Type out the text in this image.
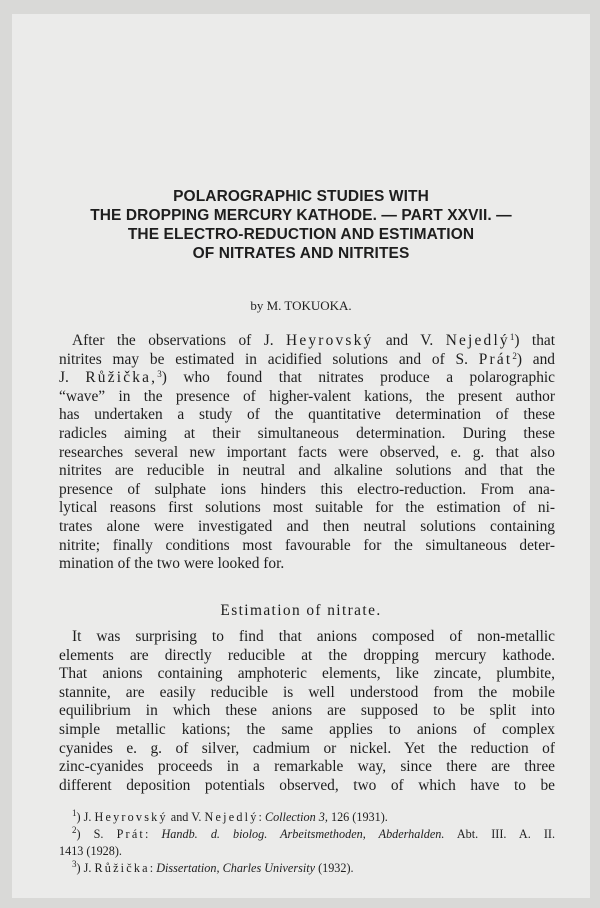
POLAROGRAPHIC STUDIES WITH
THE DROPPING MERCURY KATHODE. — PART XXVII. —
THE ELECTRO-REDUCTION AND ESTIMATION
OF NITRATES AND NITRITES
by M. TOKUOKA.
After the observations of J. Heyrovský and V. Nejedlý$^1$) that
nitrites may be estimated in acidified solutions and of S. Prát$^2$) and
J. Růžička,$^3$) who found that nitrates produce a polarographic
“wave” in the presence of higher-valent kations, the present author
has undertaken a study of the quantitative determination of these
radicles aiming at their simultaneous determination. During these
researches several new important facts were observed, e. g. that also
nitrites are reducible in neutral and alkaline solutions and that the
presence of sulphate ions hinders this electro-reduction. From ana-
lytical reasons first solutions most suitable for the estimation of ni-
trates alone were investigated and then neutral solutions containing
nitrite; finally conditions most favourable for the simultaneous deter-
mination of the two were looked for.
Estimation of nitrate.
It was surprising to find that anions composed of non-metallic
elements are directly reducible at the dropping mercury kathode.
That anions containing amphoteric elements, like zincate, plumbite,
stannite, are easily reducible is well understood from the mobile
equilibrium in which these anions are supposed to be split into
simple metallic kations; the same applies to anions of complex
cyanides e. g. of silver, cadmium or nickel. Yet the reduction of
zinc-cyanides proceeds in a remarkable way, since there are three
different deposition potentials observed, two of which have to be
$^1$) J. Heyrovský and V. Nejedlý: Collection 3, 126 (1931).
$^2$) S. Prát: Handb. d. biolog. Arbeitsmethoden, Abderhalden. Abt. III. A. II.
1413 (1928).
$^3$) J. Růžička: Dissertation, Charles University (1932).
